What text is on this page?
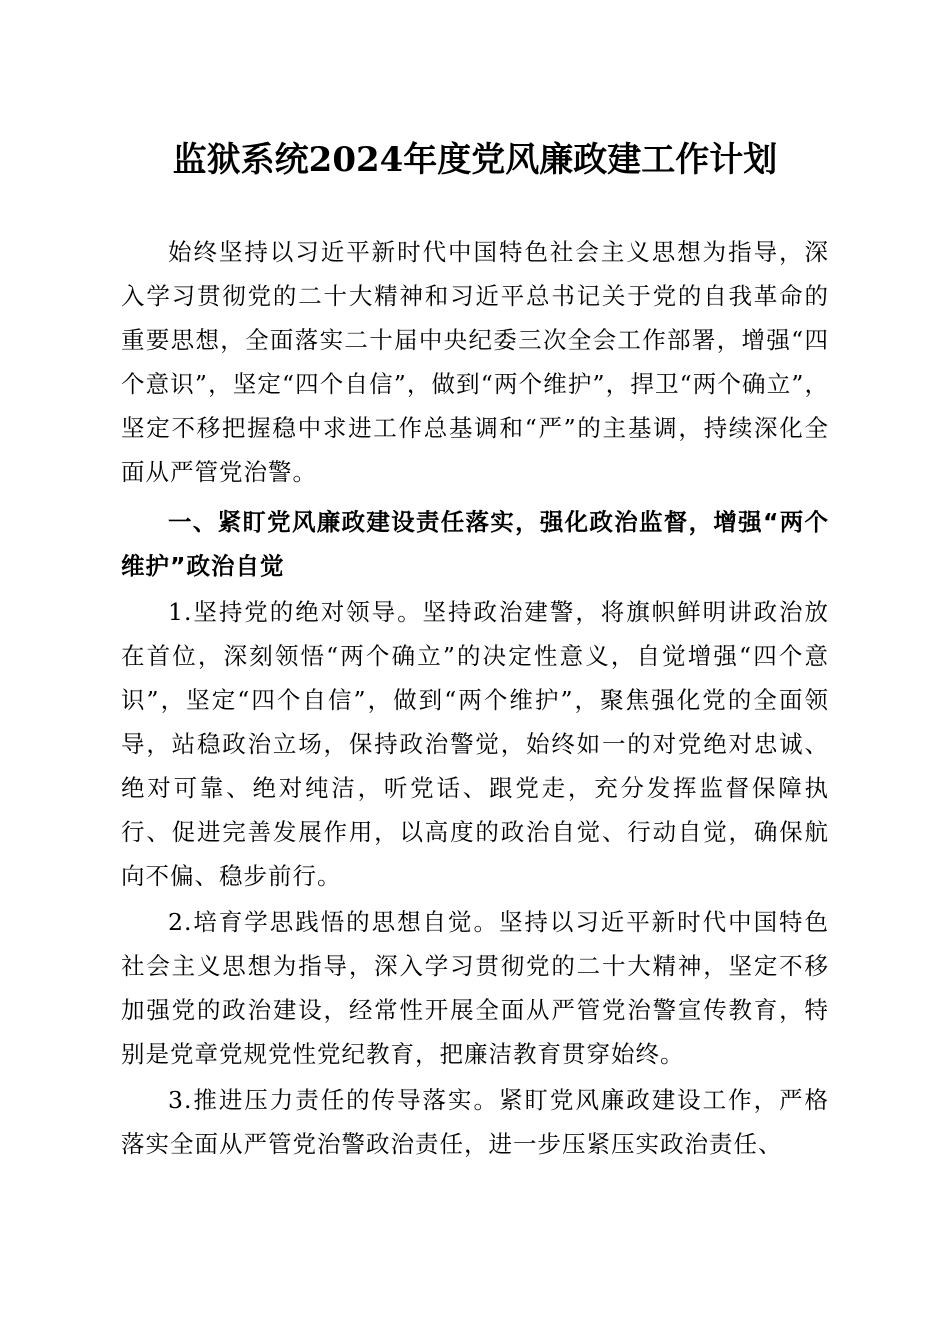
监狱系统2024年度党风廉政建工作计划
始终坚持以习近平新时代中国特色社会主义思想为指导，深入学习贯彻党的二十大精神和习近平总书记关于党的自我革命的重要思想，全面落实二十届中央纪委三次全会工作部署，增强“四个意识”，坚定“四个自信”，做到“两个维护”，捍卫“两个确立”，坚定不移把握稳中求进工作总基调和“严”的主基调，持续深化全面从严管党治警。
一、紧盯党风廉政建设责任落实，强化政治监督，增强“两个维护”政治自觉
1.坚持党的绝对领导。坚持政治建警，将旗帜鲜明讲政治放在首位，深刻领悟“两个确立”的决定性意义，自觉增强“四个意识”，坚定“四个自信”，做到“两个维护”，聚焦强化党的全面领导，站稳政治立场，保持政治警觉，始终如一的对党绝对忠诚、绝对可靠、绝对纯洁，听党话、跟党走，充分发挥监督保障执行、促进完善发展作用，以高度的政治自觉、行动自觉，确保航向不偏、稳步前行。
2.培育学思践悟的思想自觉。坚持以习近平新时代中国特色社会主义思想为指导，深入学习贯彻党的二十大精神，坚定不移加强党的政治建设，经常性开展全面从严管党治警宣传教育，特别是党章党规党性党纪教育，把廉洁教育贯穿始终。
3.推进压力责任的传导落实。紧盯党风廉政建设工作，严格落实全面从严管党治警政治责任，进一步压紧压实政治责任、
